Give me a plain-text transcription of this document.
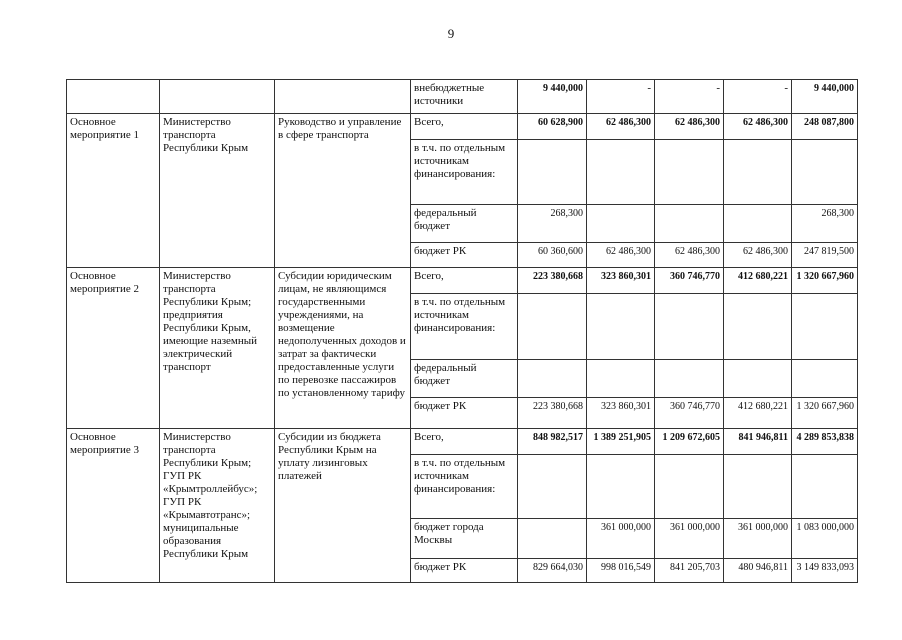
9
			внебюджетные источники	9 440,000	-	-	-	9 440,000
Основное мероприятие 1	Министерство транспорта Республики Крым	Руководство и управление в сфере транспорта	Всего,	60 628,900	62 486,300	62 486,300	62 486,300	248 087,800
			в т.ч. по отдельным источникам финансирования:					
			федеральный бюджет	268,300				268,300
			бюджет РК	60 360,600	62 486,300	62 486,300	62 486,300	247 819,500
Основное мероприятие 2	Министерство транспорта Республики Крым; предприятия Республики Крым, имеющие наземный электрический транспорт	Субсидии юридическим лицам, не являющимся государственными учреждениями, на возмещение недополученных доходов и затрат за фактически предоставленные услуги по перевозке пассажиров по установленному тарифу	Всего,	223 380,668	323 860,301	360 746,770	412 680,221	1 320 667,960
			в т.ч. по отдельным источникам финансирования:					
			федеральный бюджет					
			бюджет РК	223 380,668	323 860,301	360 746,770	412 680,221	1 320 667,960
Основное мероприятие 3	Министерство транспорта Республики Крым; ГУП РК «Крымтроллейбус»; ГУП РК «Крымавтотранс»; муниципальные образования Республики Крым	Субсидии из бюджета Республики Крым на уплату лизинговых платежей	Всего,	848 982,517	1 389 251,905	1 209 672,605	841 946,811	4 289 853,838
			в т.ч. по отдельным источникам финансирования:					
			бюджет города Москвы		361 000,000	361 000,000	361 000,000	1 083 000,000
			бюджет РК	829 664,030	998 016,549	841 205,703	480 946,811	3 149 833,093
